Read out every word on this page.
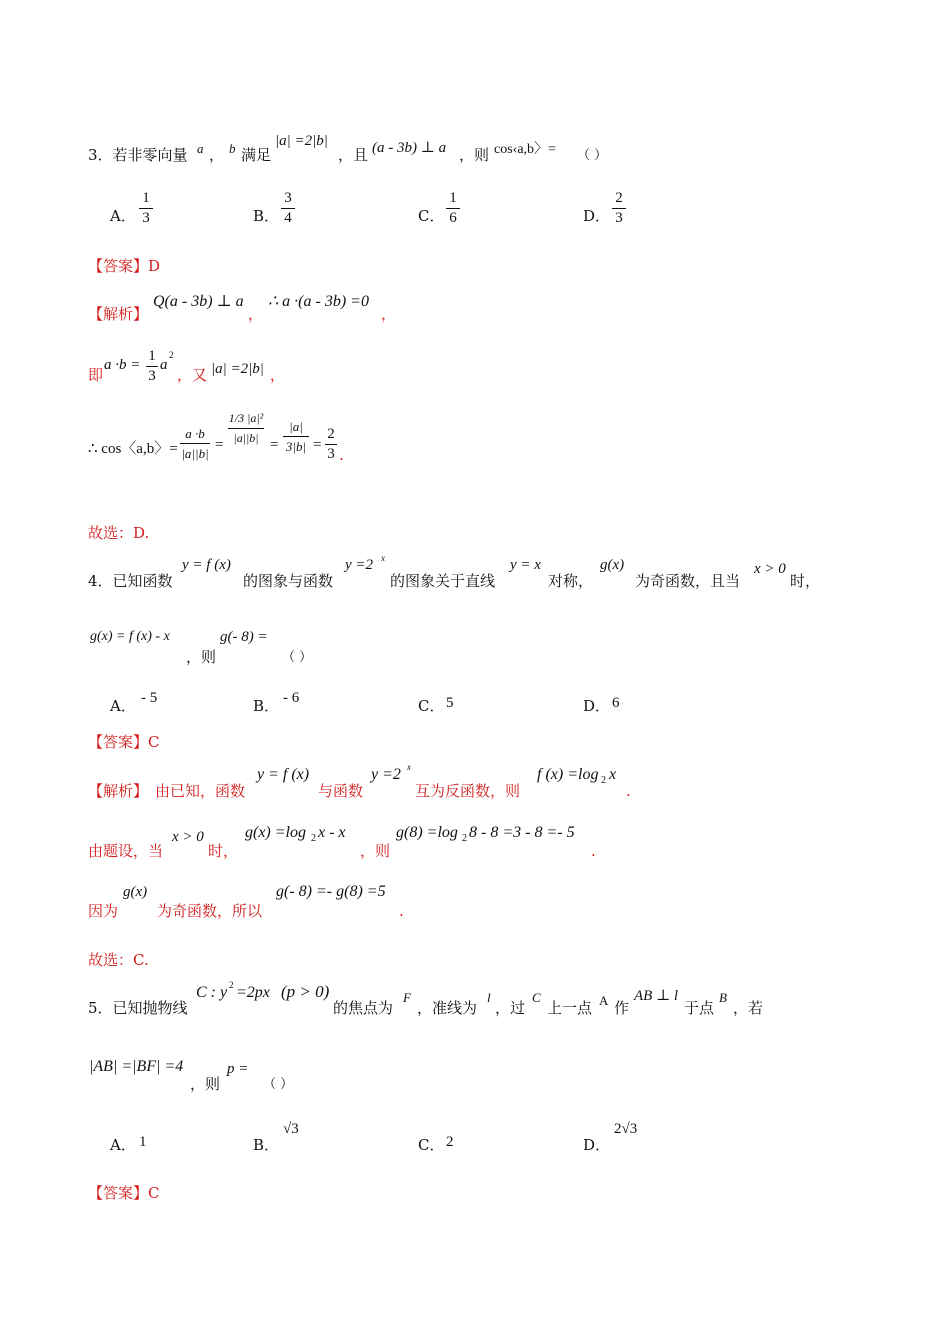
3．若非零向量 a ， b 满足
|a| =2|b|
，且 (a - 3b) ⊥ a ，则 cos‹a,b〉= （ ）
A．
1
3	B．
3
4	C．
1
6	D．
2
3
【答案】D
【解析】
Q(a - 3b) ⊥ a
，
∴ a ·(a - 3b) =0
，
即
a ·b =
1
3
a
2
，又 |a| =2|b| ，
∴ cos〈a,b〉=
a ·b
|a||b|
=
1/3 |a|²
|a||b| =
|a|
3|b| =
2
3 .
故选：D.
4．已知函数
y = f (x)
的图象与函数
y =2 x
的图象关于直线
y = x
对称，
g(x)
为奇函数，且当
x > 0
时，
g(x) = f (x) - x
，则
g(- 8) =
（ ）
A． - 5	B． - 6	C． 5	D． 6
【答案】C
【解析】 由已知，函数
y = f (x)
与函数
y =2 x
互为反函数，则
f (x) =log 2 x
.
由题设，当
x > 0
时，
g(x) =log 2 x - x
，则
g(8) =log 2 8 - 8 =3 - 8 =- 5
.
因为
g(x)
为奇函数，所以
g(- 8) =- g(8) =5
.
故选：C.
5．已知抛物线
C : y 2 =2px (p > 0)
的焦点为
F
，准线为
l
，过
C
上一点 A 作
AB ⊥ l
于点
B
，若
|AB| =|BF| =4
，则
p =
（ ）
A． 1	B．
√3
C． 2	D．
2√3
【答案】C
